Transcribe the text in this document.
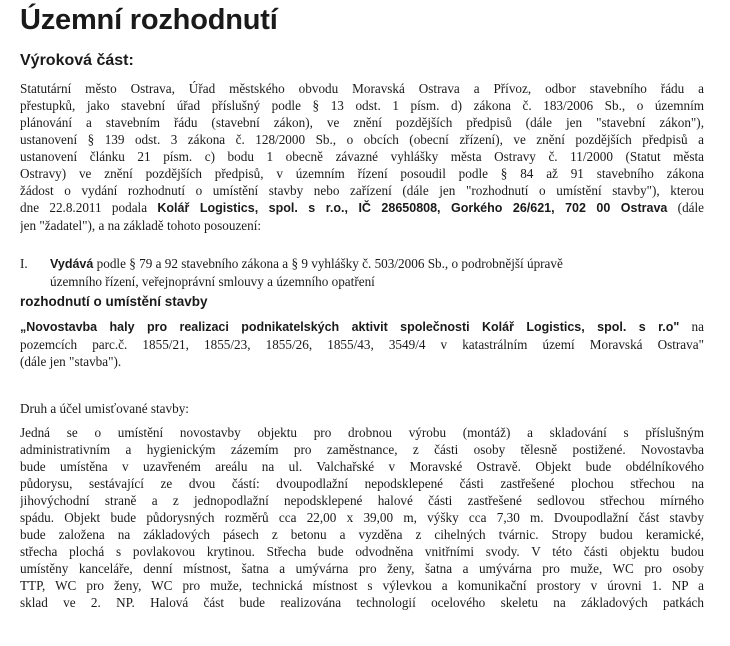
Územní rozhodnutí
Výroková část:
Statutární město Ostrava, Úřad městského obvodu Moravská Ostrava a Přívoz, odbor stavebního řádu a
přestupků, jako stavební úřad příslušný podle § 13 odst. 1 písm. d) zákona č. 183/2006 Sb., o územním
plánování a stavebním řádu (stavební zákon), ve znění pozdějších předpisů (dále jen "stavební zákon"),
ustanovení § 139 odst. 3 zákona č. 128/2000 Sb., o obcích (obecní zřízení), ve znění pozdějších předpisů a
ustanovení článku 21 písm. c) bodu 1 obecně závazné vyhlášky města Ostravy č. 11/2000 (Statut města
Ostravy) ve znění pozdějších předpisů, v územním řízení posoudil podle § 84 až 91 stavebního zákona
žádost o vydání rozhodnutí o umístění stavby nebo zařízení (dále jen "rozhodnutí o umístění stavby"), kterou
dne 22.8.2011 podala Kolář Logistics, spol. s r.o., IČ 28650808, Gorkého 26/621, 702 00 Ostrava (dále
jen "žadatel"), a na základě tohoto posouzení:
I. Vydává podle § 79 a 92 stavebního zákona a § 9 vyhlášky č. 503/2006 Sb., o podrobnější úpravě
územního řízení, veřejnoprávní smlouvy a územního opatření
rozhodnutí o umístění stavby
„Novostavba haly pro realizaci podnikatelských aktivit společnosti Kolář Logistics, spol. s r.o" na
pozemcích parc.č. 1855/21, 1855/23, 1855/26, 1855/43, 3549/4 v katastrálním území Moravská Ostrava"
(dále jen "stavba").
Druh a účel umisťované stavby:
Jedná se o umístění novostavby objektu pro drobnou výrobu (montáž) a skladování s příslušným
administrativním a hygienickým zázemím pro zaměstnance, z části osoby tělesně postižené. Novostavba
bude umístěna v uzavřeném areálu na ul. Valchařské v Moravské Ostravě. Objekt bude obdélníkového
půdorysu, sestávající ze dvou částí: dvoupodlažní nepodsklepené části zastřešené plochou střechou na
jihovýchodní straně a z jednopodlažní nepodsklepené halové části zastřešené sedlovou střechou mírného
spádu. Objekt bude půdorysných rozměrů cca 22,00 x 39,00 m, výšky cca 7,30 m. Dvoupodlažní část stavby
bude založena na základových pásech z betonu a vyzděna z cihelných tvárnic. Stropy budou keramické,
střecha plochá s povlakovou krytinou. Střecha bude odvodněna vnitřními svody. V této části objektu budou
umístěny kanceláře, denní místnost, šatna a umývárna pro ženy, šatna a umývárna pro muže, WC pro osoby
TTP, WC pro ženy, WC pro muže, technická místnost s výlevkou a komunikační prostory v úrovni 1. NP a
sklad ve 2. NP. Halová část bude realizována technologií ocelového skeletu na základových patkách
